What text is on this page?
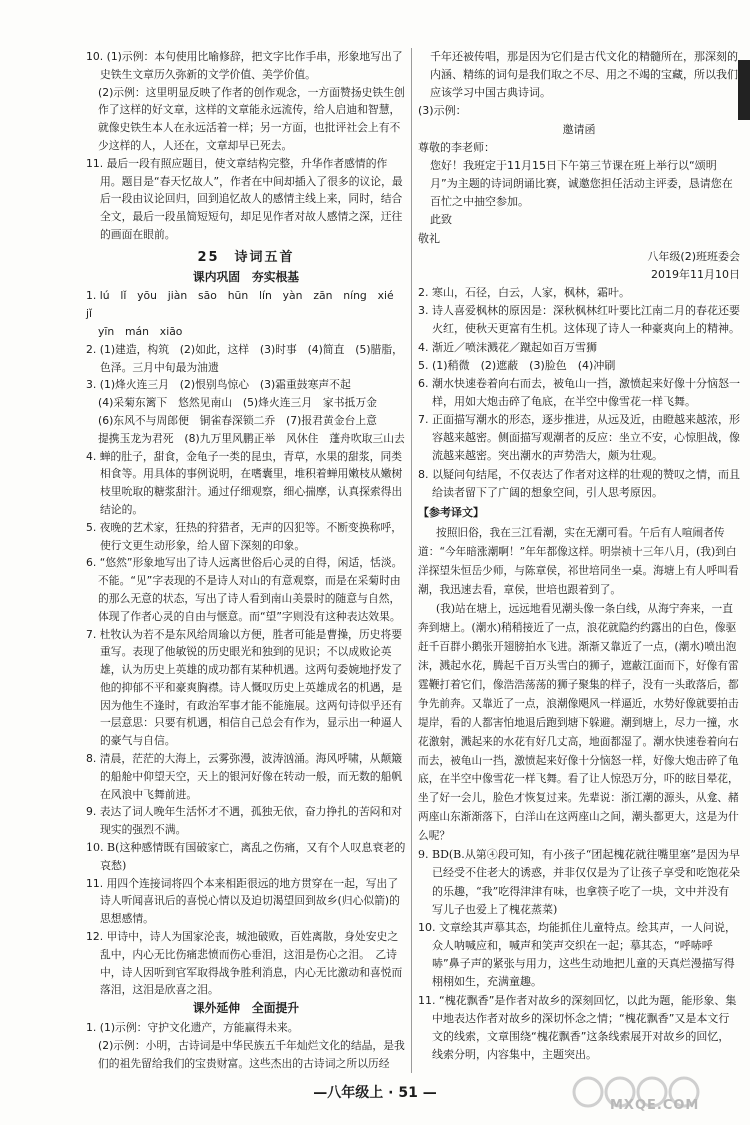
10. (1)示例：本句使用比喻修辞，把文字比作手串，形象地写出了史铁生文章历久弥新的文学价值、美学价值。

(2)示例：这里明显反映了作者的创作观念，一方面赞扬史铁生创作了这样的好文章，这样的文章能永远流传，给人启迪和智慧，就像史铁生本人在永远活着一样；另一方面，也批评社会上有不少这样的人，人还在，文章却早已死去。

11. 最后一段有照应题目，使文章结构完整，升华作者感情的作用。题目是“春天忆故人”，作者在中间却插入了很多的议论，最后一段由议论回归，回到追忆故人的感情主线上来，同时，结合全文，最后一段虽简短短句，却足见作者对故人感情之深，迂往的画面在眼前。

25　诗词五首
课内巩固　夯实根基

1. lú　lǐ　yōu　jiàn　sāo　hūn　lín　yàn　zān　níng　xié　jǐ

yīn　mán　xiāo

2. (1)建造，构筑　(2)如此，这样　(3)时事　(4)简直　(5)腊脂，色泽。三月中旬最为油遗

3. (1)烽火连三月　(2)恨别鸟惊心　(3)霜重鼓寒声不起

(4)采菊东篱下　悠然见南山　(5)烽火连三月　家书抵万金

(6)东风不与周郎便　铜雀春深锁二乔　(7)报君黄金台上意

提携玉龙为君死　(8)九万里风鹏正举　风休住　蓬舟吹取三山去

4. 蝉的肚子，甜食，金龟子一类的昆虫，青草，水果的甜浆，同类相食等。用具体的事例说明，在嗜囊里，堆积着蝉用嫩枝从嫩树枝里吮取的糖浆甜汁。通过仔细观察，细心揣摩，认真探索得出结论的。

5. 夜晚的艺术家，狂热的狩猎者，无声的囚犯等。不断变换称呼，使行文更生动形象，给人留下深刻的印象。

6. “悠然”形象地写出了诗人远离世俗后心灵的自得，闲适，恬淡。

不能。“见”字表现的不是诗人对山的有意观察，而是在采菊时由的那么无意的状态，写出了诗人看到南山美景时的随意与自然，体现了作者心灵的自由与惬意。而“望”字则没有这种表达效果。

7. 杜牧认为若不是东风给周瑜以方便，胜者可能是曹操，历史将要重写。表现了他敏锐的历史眼光和独到的见识；不以成败论英雄，认为历史上英雄的成功都有某种机遇。这两句委婉地抒发了他的抑郁不平和豪爽胸襟。诗人慨叹历史上英雄成名的机遇，是因为他生不逢时，有政治军事才能不能施展。这两句诗似乎还有一层意思：只要有机遇，相信自己总会有作为，显示出一种逼人的豪气与自信。

8. 清晨，茫茫的大海上，云雾弥漫，波涛汹涌。海风呼啸，从颠簸的船舱中仰望天空，天上的银河好像在转动一般，而无数的船帆在风浪中飞舞前进。

9. 表达了词人晚年生活怀才不遇，孤独无依，奋力挣扎的苦闷和对现实的强烈不满。

10. B(这种感情既有国破家亡，离乱之伤痛，又有个人叹息衰老的哀愁)

11. 用四个连接词将四个本来相距很远的地方贯穿在一起，写出了诗人听闻喜讯后的喜悦心情以及迫切渴望回到故乡(归心似箭)的思想感情。

12. 甲诗中，诗人为国家沦丧，城池破败，百姓离散，身处安史之乱中，内心无比伤痛悲愤而伤心垂泪，这泪是伤心之泪。　乙诗中，诗人因听到官军取得战争胜利消息，内心无比激动和喜悦而落泪，这泪是欣喜之泪。

课外延伸　全面提升

1. (1)示例：守护文化遗产，方能赢得未来。

(2)示例：小明，古诗词是中华民族五千年灿烂文化的结晶，是我们的祖先留给我们的宝贵财富。这些杰出的古诗词之所以历经

千年还被传唱，那是因为它们是古代文化的精髓所在，那深刻的内涵、精练的词句是我们取之不尽、用之不竭的宝藏，所以我们应该学习中国古典诗词。

(3)示例：

邀请函

尊敬的李老师：

您好！我班定于11月15日下午第三节课在班上举行以“颂明月”为主题的诗词朗诵比赛，诚邀您担任活动主评委，恳请您在百忙之中抽空参加。

此致

敬礼

八年级(2)班班委会

2019年11月10日

2. 寒山，石径，白云，人家，枫林，霜叶。

3. 诗人喜爱枫林的原因是：深秋枫林红叶要比江南二月的春花还要火红，使秋天更富有生机。这体现了诗人一种豪爽向上的精神。

4. 渐近／喷沫溅花／蹴起如百万雪狮

5. (1)稍微　(2)遮蔽　(3)脸色　(4)冲刷

6. 潮水快速卷着向右而去，被龟山一挡，激愤起来好像十分恼怒一样，用如大炮击碎了龟底，在半空中像雪花一样飞舞。

7. 正面描写潮水的形态，逐步推进，从远及近，由瞪越来越浓，形容越来越密。侧面描写观潮者的反应：坐立不安，心惊胆战，像流越来越密。突出潮水的声势浩大，颇为壮观。

8. 以疑问句结尾，不仅表达了作者对这样的壮观的赞叹之情，而且给读者留下了广阔的想象空间，引人思考原因。

【参考译文】

按照旧俗，我在三江看潮，实在无潮可看。午后有人喧闹者传道：“今年暗涨潮啊！”年年都像这样。明崇祯十三年八月，(我)到白洋探望朱恒岳少师，与陈章侯，祁世培同坐一桌。海塘上有人呼叫看潮，我迅速去看，章侯，世培也跟着到了。

(我)站在塘上，远远地看见潮头像一条白线，从海宁奔来，一直奔到塘上。(潮水)稍稍接近了一点，浪花就隐约约露出的白色，像驱赶千百群小鹅张开翅膀拍水飞进。渐渐又靠近了一点，(潮水)喷出泡沫，溅起水花，腾起千百万头雪白的狮子，遮蔽江面而下，好像有雷霆鞭打着它们，像浩浩荡荡的狮子聚集的样子，没有一头敢落后，都争先前奔。又靠近了一点，浪潮像飓风一样逼近，水势好像就要拍击堤岸，看的人都害怕地退后跑到塘下躲避。潮到塘上，尽力一撞，水花激射，溅起来的水花有好几丈高，地面都湿了。潮水快速卷着向右而去，被龟山一挡，激愤起来好像十分恼怒一样，好像大炮击碎了龟底，在半空中像雪花一样飞舞。看了让人惊恐万分，吓的眩目晕花，坐了好一会儿，脸色才恢复过来。先辈说：浙江潮的源头，从龛、赭两座山东渐渐落下，白洋山在这两座山之间，潮头都更大，这是为什么呢？

9. BD(B.从第④段可知，有小孩子“团起槐花就往嘴里塞”是因为早已经受不住老大的诱惑，并非仅仅是为了让孩子享受和吃饱花朵的乐趣，“我”吃得津津有味，也拿筷子吃了一块，文中并没有写儿子也爱上了槐花蒸菜)

10. 文章绘其声摹其态，均能抓住儿童特点。绘其声，一人问说，众人呐喊应和，喊声和笑声交织在一起；摹其态，“呼哧呼哧”鼻子声的紧张与用力，这些生动地把儿童的天真烂漫描写得栩栩如生，充满童趣。

11. “槐花飘香”是作者对故乡的深刻回忆，以此为题，能形象、集中地表达作者对故乡的深切怀念之情；“槐花飘香”又是本文行文的线索，文章围绕“槐花飘香”这条线索展开对故乡的回忆，线索分明，内容集中，主题突出。

—八年级上 · 51 —
MXQE.COM
